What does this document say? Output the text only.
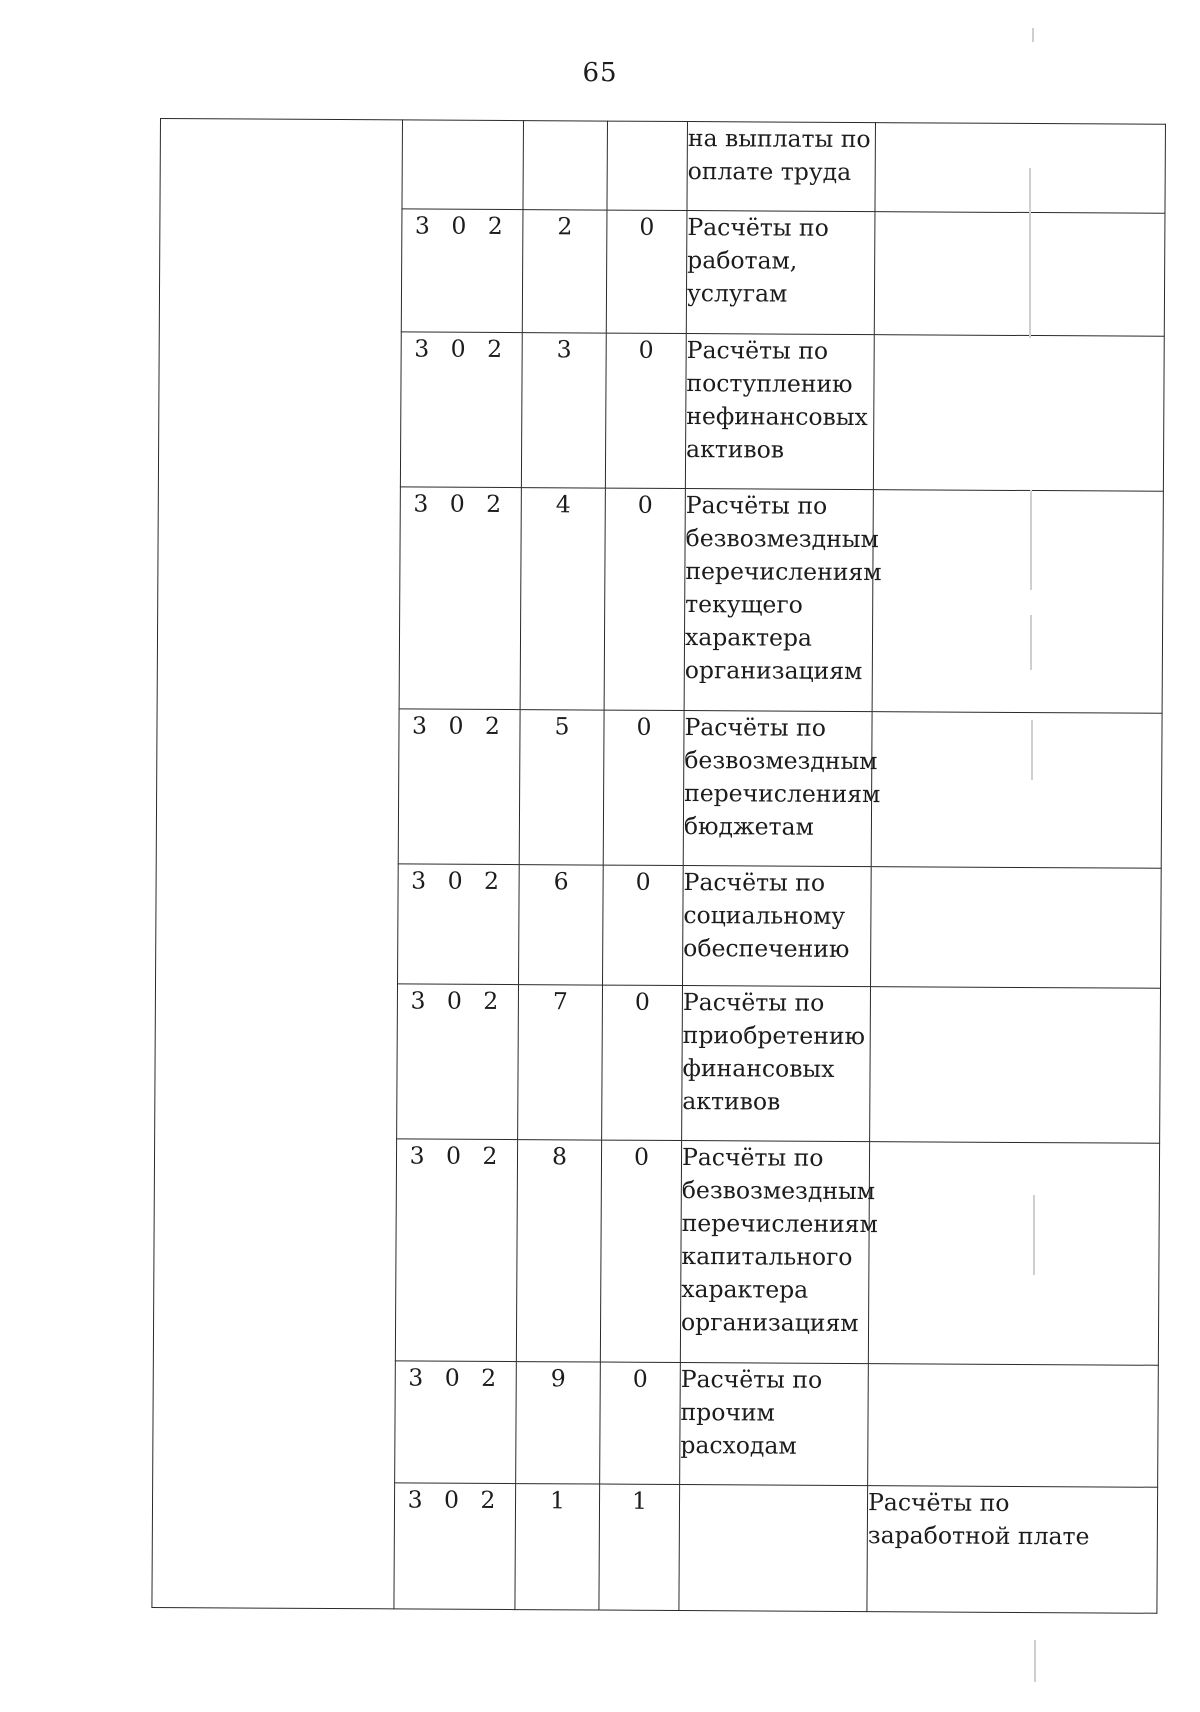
65
				на выплаты по оплате труда	
	3 0 2	2	0	Расчёты по работам, услугам	
	3 0 2	3	0	Расчёты по поступлению нефинансовых активов	
	3 0 2	4	0	Расчёты по безвозмездным перечислениям текущего характера организациям	
	3 0 2	5	0	Расчёты по безвозмездным перечислениям бюджетам	
	3 0 2	6	0	Расчёты по социальному обеспечению	
	3 0 2	7	0	Расчёты по приобретению финансовых активов	
	3 0 2	8	0	Расчёты по безвозмездным перечислениям капитального характера организациям	
	3 0 2	9	0	Расчёты по прочим расходам	
	3 0 2	1	1		Расчёты по заработной плате
